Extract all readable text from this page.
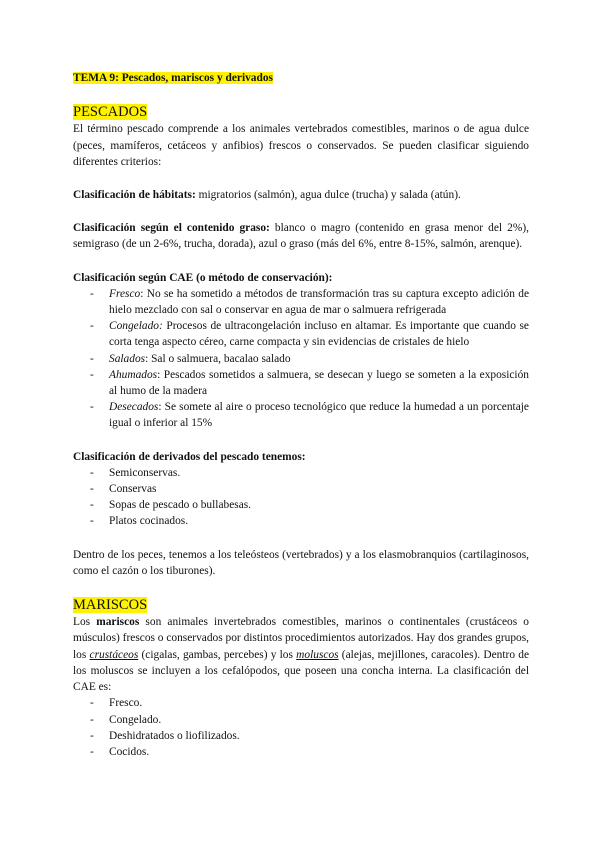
TEMA 9: Pescados, mariscos y derivados

PESCADOS

El término pescado comprende a los animales vertebrados comestibles, marinos o de agua dulce (peces, mamíferos, cetáceos y anfibios) frescos o conservados. Se pueden clasificar siguiendo diferentes criterios:

Clasificación de hábitats: migratorios (salmón), agua dulce (trucha) y salada (atún).

Clasificación según el contenido graso: blanco o magro (contenido en grasa menor del 2%), semigraso (de un 2-6%, trucha, dorada), azul o graso (más del 6%, entre 8-15%, salmón, arenque).

Clasificación según CAE (o método de conservación):

- Fresco: No se ha sometido a métodos de transformación tras su captura excepto adición de hielo mezclado con sal o conservar en agua de mar o salmuera refrigerada
- Congelado: Procesos de ultracongelación incluso en altamar. Es importante que cuando se corta tenga aspecto céreo, carne compacta y sin evidencias de cristales de hielo
- Salados: Sal o salmuera, bacalao salado
- Ahumados: Pescados sometidos a salmuera, se desecan y luego se someten a la exposición al humo de la madera
- Desecados: Se somete al aire o proceso tecnológico que reduce la humedad a un porcentaje igual o inferior al 15%

Clasificación de derivados del pescado tenemos:

- Semiconservas.
- Conservas
- Sopas de pescado o bullabesas.
- Platos cocinados.

Dentro de los peces, tenemos a los teleósteos (vertebrados) y a los elasmobranquios (cartilaginosos, como el cazón o los tiburones).

MARISCOS

Los mariscos son animales invertebrados comestibles, marinos o continentales (crustáceos o músculos) frescos o conservados por distintos procedimientos autorizados. Hay dos grandes grupos, los crustáceos (cigalas, gambas, percebes) y los moluscos (alejas, mejillones, caracoles). Dentro de los moluscos se incluyen a los cefalópodos, que poseen una concha interna. La clasificación del CAE es:

- Fresco.
- Congelado.
- Deshidratados o liofilizados.
- Cocidos.
